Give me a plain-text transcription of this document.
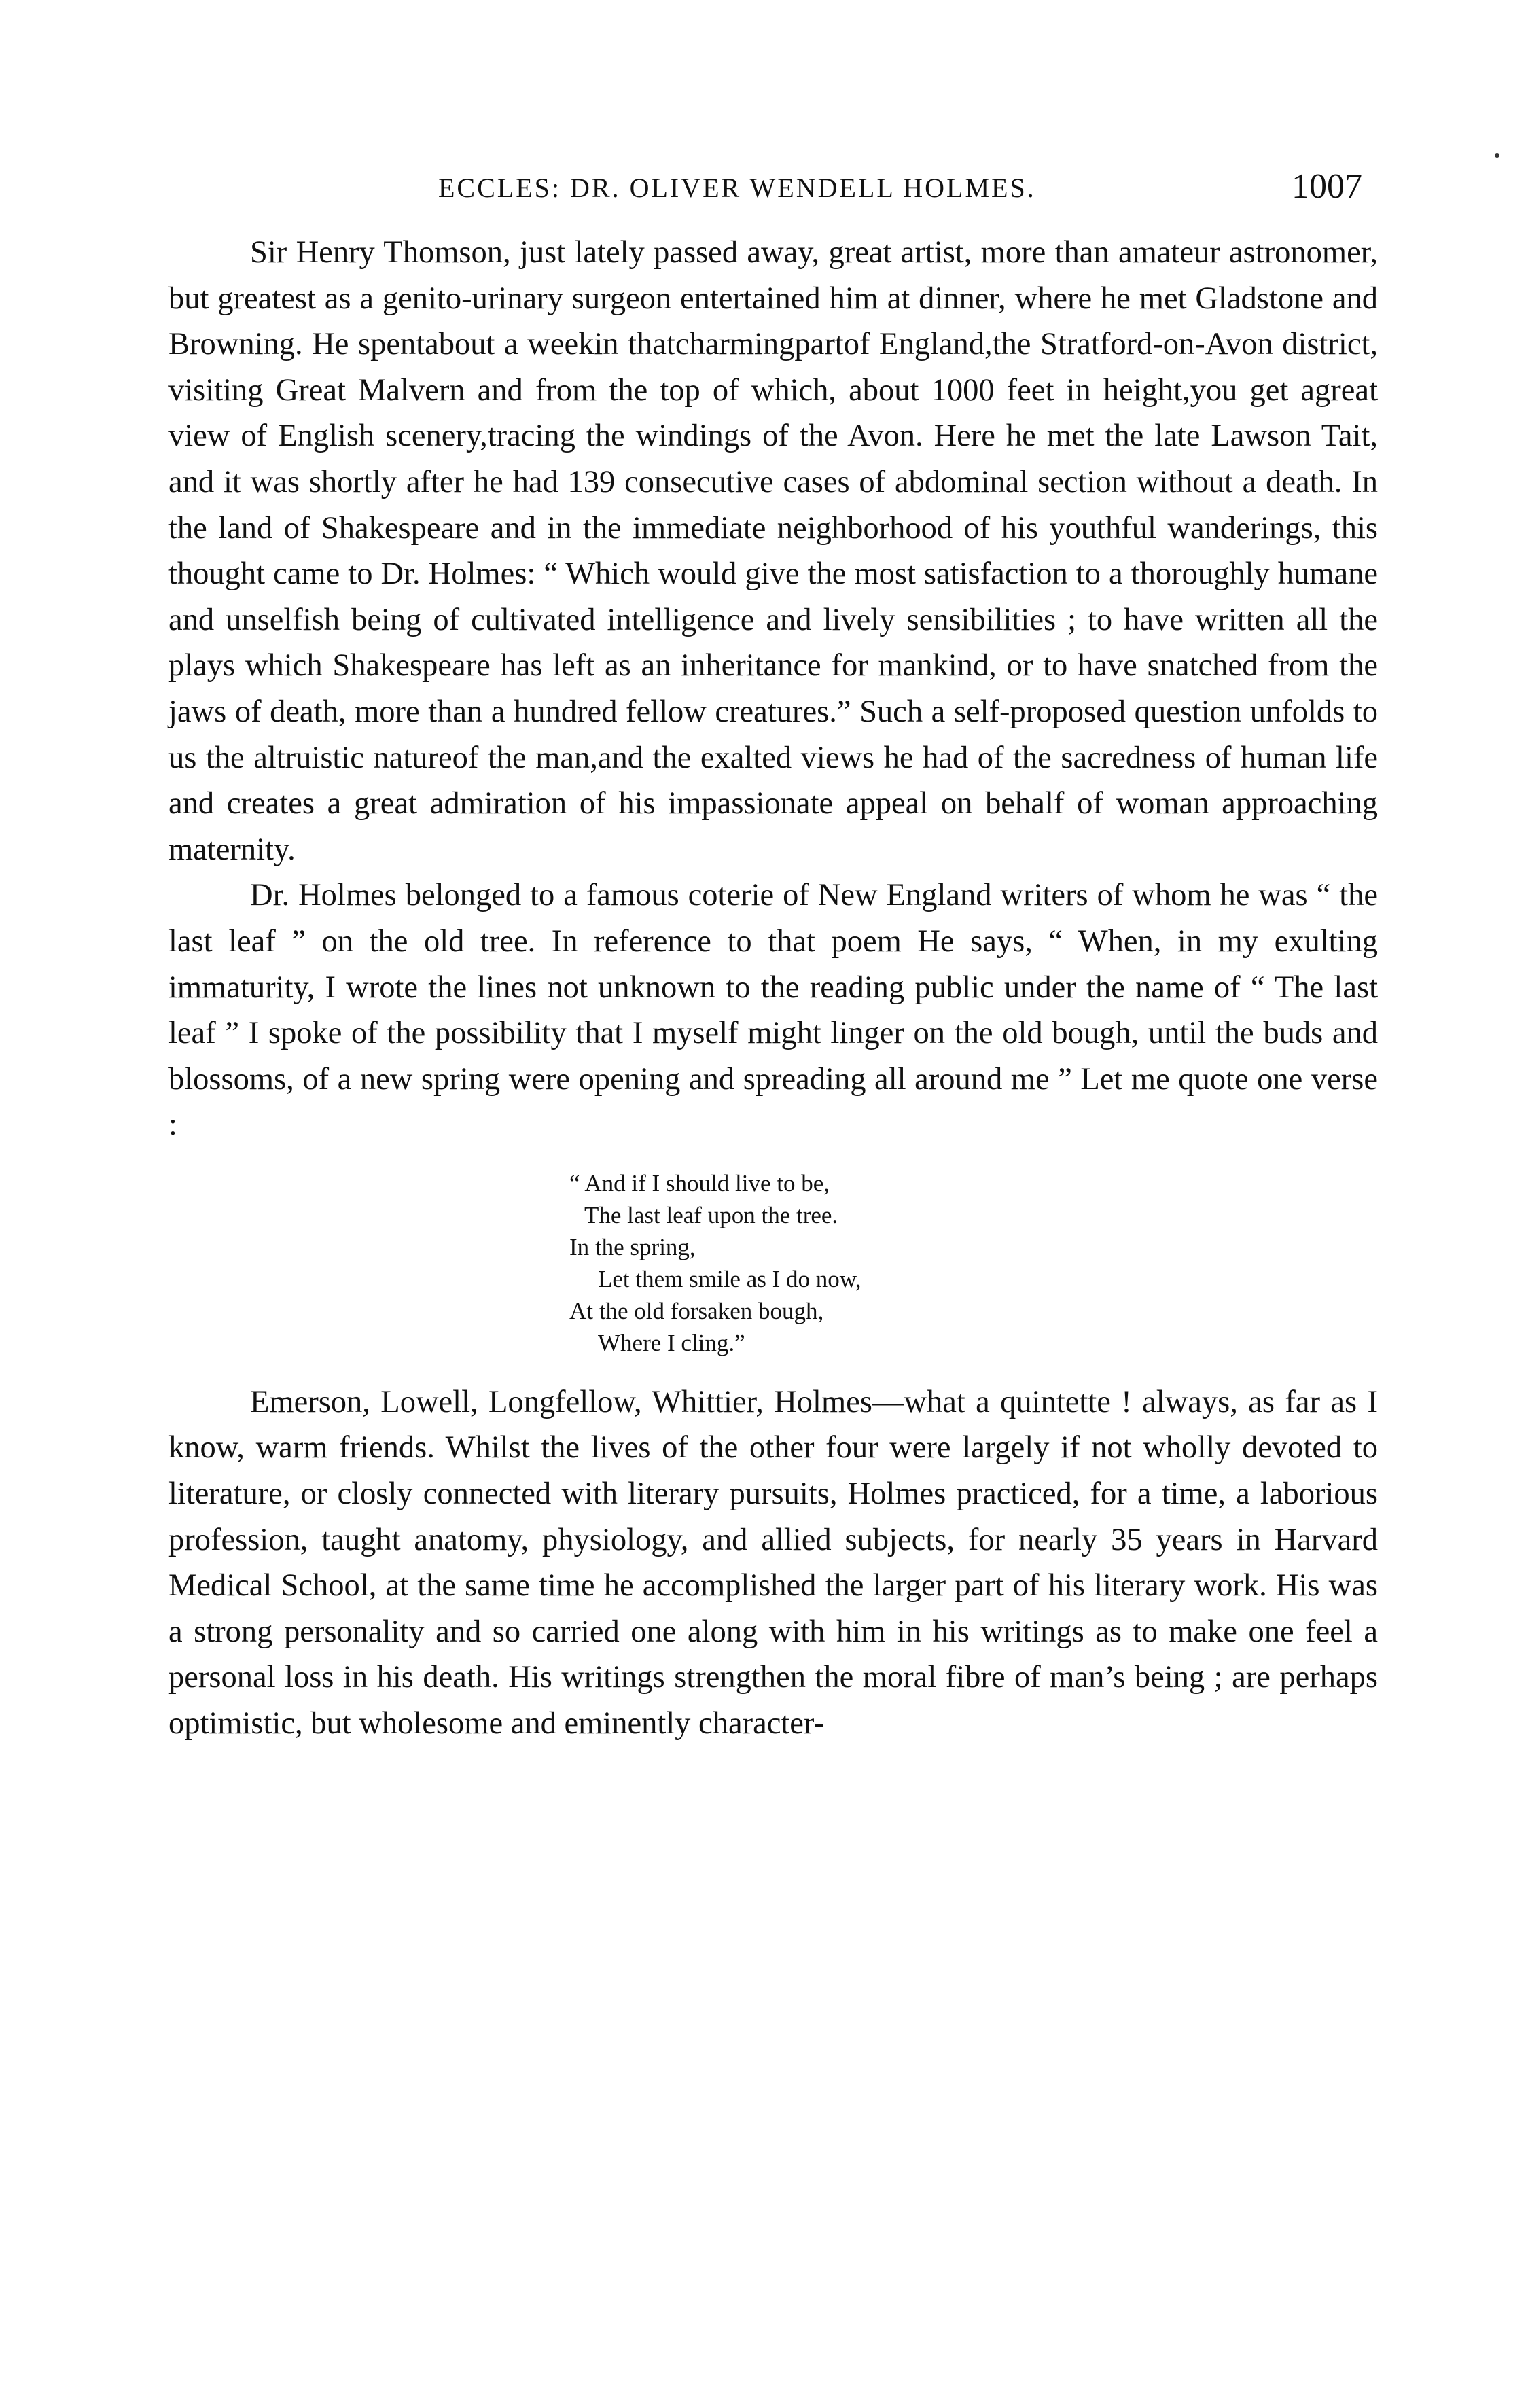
ECCLES: DR. OLIVER WENDELL HOLMES.	1007

Sir Henry Thomson, just lately passed away, great artist, more than amateur astronomer, but greatest as a genito-urinary surgeon entertained him at dinner, where he met Gladstone and Browning. He spentabout a weekin thatcharmingpartof England,the Stratford-on-Avon district, visiting Great Malvern and from the top of which, about 1000 feet in height,you get agreat view of English scenery,tracing the windings of the Avon. Here he met the late Lawson Tait, and it was shortly after he had 139 consecutive cases of abdominal section without a death. In the land of Shakespeare and in the immediate neighborhood of his youthful wanderings, this thought came to Dr. Holmes: “ Which would give the most satisfaction to a thoroughly humane and unselfish being of cultivated intelligence and lively sensibilities ; to have written all the plays which Shakespeare has left as an inheritance for mankind, or to have snatched from the jaws of death, more than a hundred fellow creatures.” Such a self-proposed question unfolds to us the altruistic natureof the man,and the exalted views he had of the sacredness of human life and creates a great admiration of his impassionate appeal on behalf of woman approaching maternity.

Dr. Holmes belonged to a famous coterie of New England writers of whom he was “ the last leaf ” on the old tree. In reference to that poem He says, “ When, in my exulting immaturity, I wrote the lines not unknown to the reading public under the name of “ The last leaf ” I spoke of the possibility that I myself might linger on the old bough, until the buds and blossoms, of a new spring were opening and spreading all around me ” Let me quote one verse :

“ And if I should live to be,
The last leaf upon the tree.
In the spring,
Let them smile as I do now,
At the old forsaken bough,
Where I cling.”

Emerson, Lowell, Longfellow, Whittier, Holmes—what a quintette ! always, as far as I know, warm friends. Whilst the lives of the other four were largely if not wholly devoted to literature, or closly connected with literary pursuits, Holmes practiced, for a time, a laborious profession, taught anatomy, physiology, and allied subjects, for nearly 35 years in Harvard Medical School, at the same time he accomplished the larger part of his literary work. His was a strong personality and so carried one along with him in his writings as to make one feel a personal loss in his death. His writings strengthen the moral fibre of man’s being ; are perhaps optimistic, but wholesome and eminently character-
